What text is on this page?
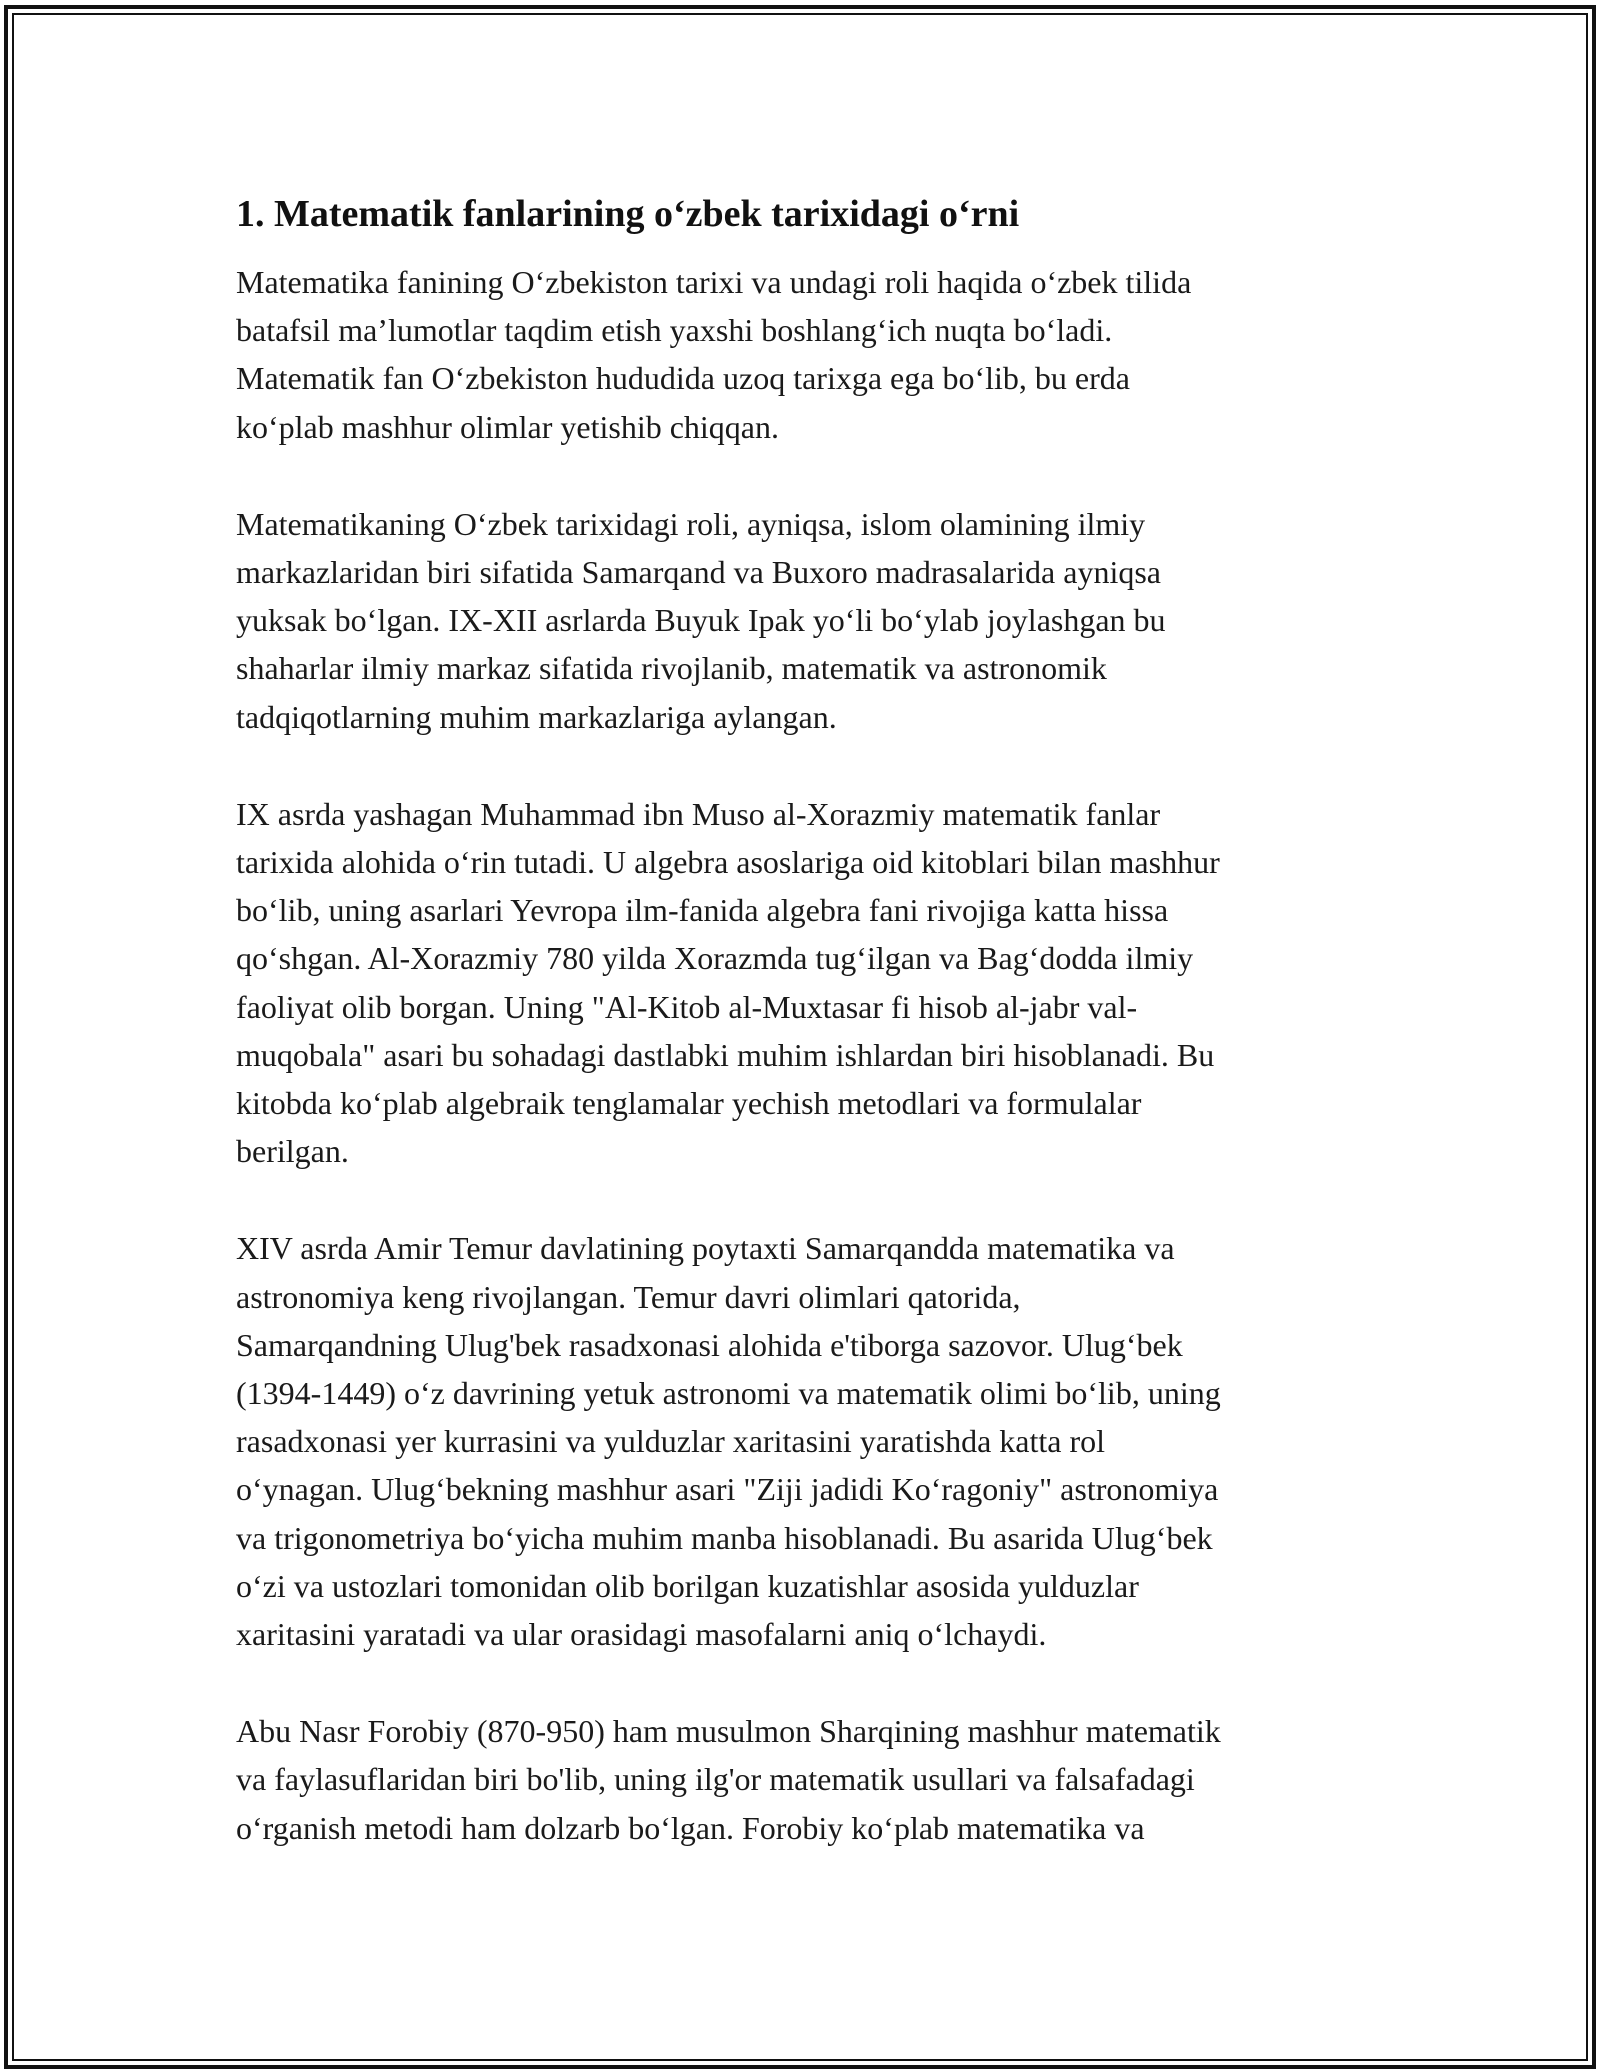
1. Matematik fanlarining o‘zbek tarixidagi o‘rni

Matematika fanining O‘zbekiston tarixi va undagi roli haqida o‘zbek tilida
batafsil ma’lumotlar taqdim etish yaxshi boshlang‘ich nuqta bo‘ladi.
Matematik fan O‘zbekiston hududida uzoq tarixga ega bo‘lib, bu erda
ko‘plab mashhur olimlar yetishib chiqqan.

Matematikaning O‘zbek tarixidagi roli, ayniqsa, islom olamining ilmiy
markazlaridan biri sifatida Samarqand va Buxoro madrasalarida ayniqsa
yuksak bo‘lgan. IX-XII asrlarda Buyuk Ipak yo‘li bo‘ylab joylashgan bu
shaharlar ilmiy markaz sifatida rivojlanib, matematik va astronomik
tadqiqotlarning muhim markazlariga aylangan.

IX asrda yashagan Muhammad ibn Muso al-Xorazmiy matematik fanlar
tarixida alohida o‘rin tutadi. U algebra asoslariga oid kitoblari bilan mashhur
bo‘lib, uning asarlari Yevropa ilm-fanida algebra fani rivojiga katta hissa
qo‘shgan. Al-Xorazmiy 780 yilda Xorazmda tug‘ilgan va Bag‘dodda ilmiy
faoliyat olib borgan. Uning "Al-Kitob al-Muxtasar fi hisob al-jabr val-
muqobala" asari bu sohadagi dastlabki muhim ishlardan biri hisoblanadi. Bu
kitobda ko‘plab algebraik tenglamalar yechish metodlari va formulalar
berilgan.

XIV asrda Amir Temur davlatining poytaxti Samarqandda matematika va
astronomiya keng rivojlangan. Temur davri olimlari qatorida,
Samarqandning Ulug'bek rasadxonasi alohida e'tiborga sazovor. Ulug‘bek
(1394-1449) o‘z davrining yetuk astronomi va matematik olimi bo‘lib, uning
rasadxonasi yer kurrasini va yulduzlar xaritasini yaratishda katta rol
o‘ynagan. Ulug‘bekning mashhur asari "Ziji jadidi Ko‘ragoniy" astronomiya
va trigonometriya bo‘yicha muhim manba hisoblanadi. Bu asarida Ulug‘bek
o‘zi va ustozlari tomonidan olib borilgan kuzatishlar asosida yulduzlar
xaritasini yaratadi va ular orasidagi masofalarni aniq o‘lchaydi.

Abu Nasr Forobiy (870-950) ham musulmon Sharqining mashhur matematik
va faylasuflaridan biri bo'lib, uning ilg'or matematik usullari va falsafadagi
o‘rganish metodi ham dolzarb bo‘lgan. Forobiy ko‘plab matematika va
